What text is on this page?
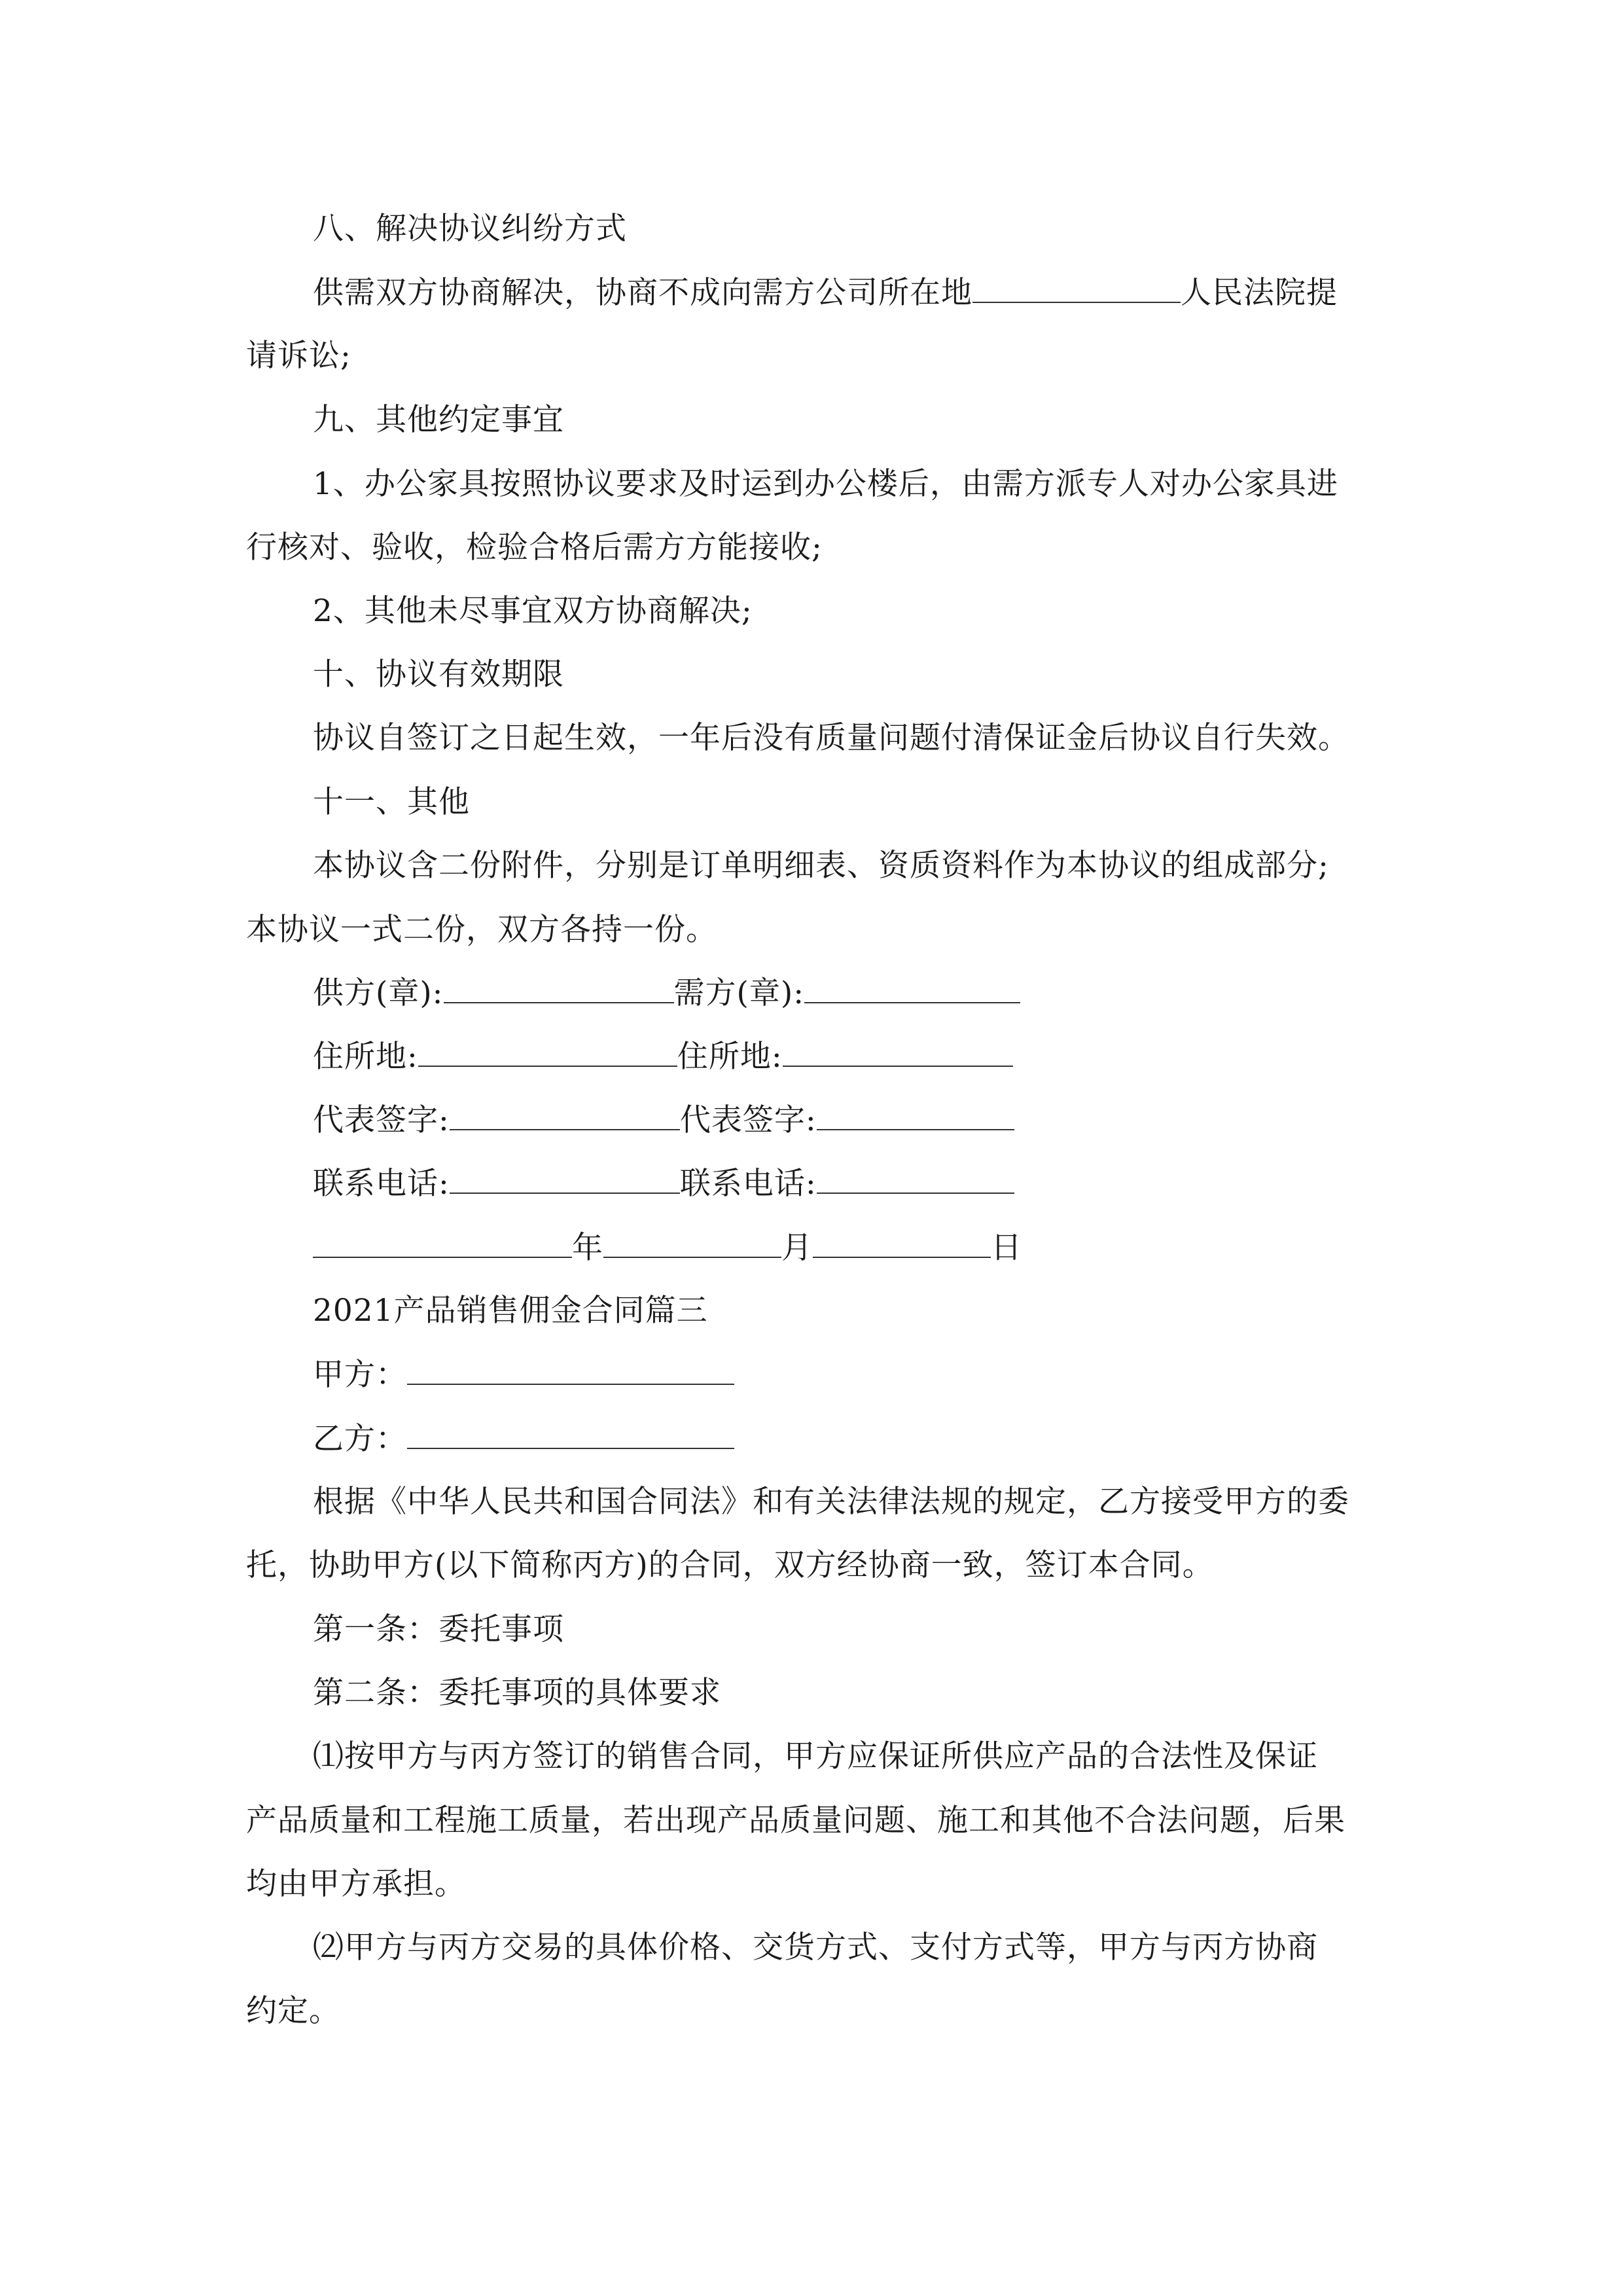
八、解决协议纠纷方式
供需双方协商解决，协商不成向需方公司所在地	人民法院提
请诉讼;
九、其他约定事宜
1、办公家具按照协议要求及时运到办公楼后，由需方派专人对办公家具进
行核对、验收，检验合格后需方方能接收;
2、其他未尽事宜双方协商解决;
十、协议有效期限
协议自签订之日起生效，一年后没有质量问题付清保证金后协议自行失效。
十一、其他
本协议含二份附件，分别是订单明细表、资质资料作为本协议的组成部分;
本协议一式二份，双方各持一份。
供方(章):	需方(章):
住所地:	住所地:
代表签字:	代表签字:
联系电话:	联系电话:
年	月	日
2021产品销售佣金合同篇三
甲方：
乙方：
根据《中华人民共和国合同法》和有关法律法规的规定，乙方接受甲方的委
托，协助甲方(以下简称丙方)的合同，双方经协商一致，签订本合同。
第一条：委托事项
第二条：委托事项的具体要求
⑴按甲方与丙方签订的销售合同，甲方应保证所供应产品的合法性及保证
产品质量和工程施工质量，若出现产品质量问题、施工和其他不合法问题，后果
均由甲方承担。
⑵甲方与丙方交易的具体价格、交货方式、支付方式等，甲方与丙方协商
约定。
